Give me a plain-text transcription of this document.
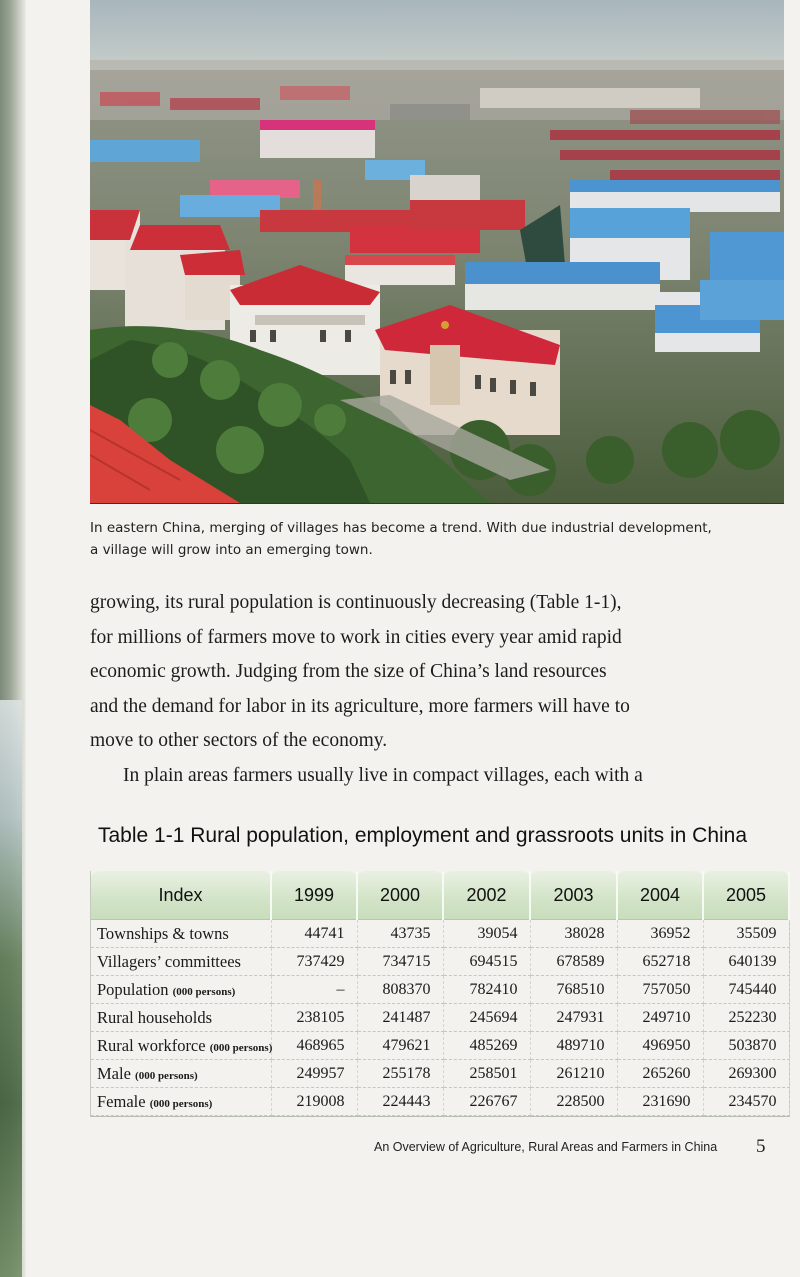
In eastern China, merging of villages has become a trend. With due industrial development,

a village will grow into an emerging town.

growing, its rural population is continuously decreasing (Table 1-1),

for millions of farmers move to work in cities every year amid rapid

economic growth. Judging from the size of China’s land resources

and the demand for labor in its agriculture, more farmers will have to

move to other sectors of the economy.

In plain areas farmers usually live in compact villages, each with a

Table 1-1 Rural population, employment and grassroots units in China
Index	1999	2000	2002	2003	2004	2005
Townships & towns	44741	43735	39054	38028	36952	35509
Villagers’ committees	737429	734715	694515	678589	652718	640139
Population (000 persons)	–	808370	782410	768510	757050	745440
Rural households	238105	241487	245694	247931	249710	252230
Rural workforce (000 persons)	468965	479621	485269	489710	496950	503870
Male (000 persons)	249957	255178	258501	261210	265260	269300
Female (000 persons)	219008	224443	226767	228500	231690	234570
An Overview of Agriculture, Rural Areas and Farmers in China 5
